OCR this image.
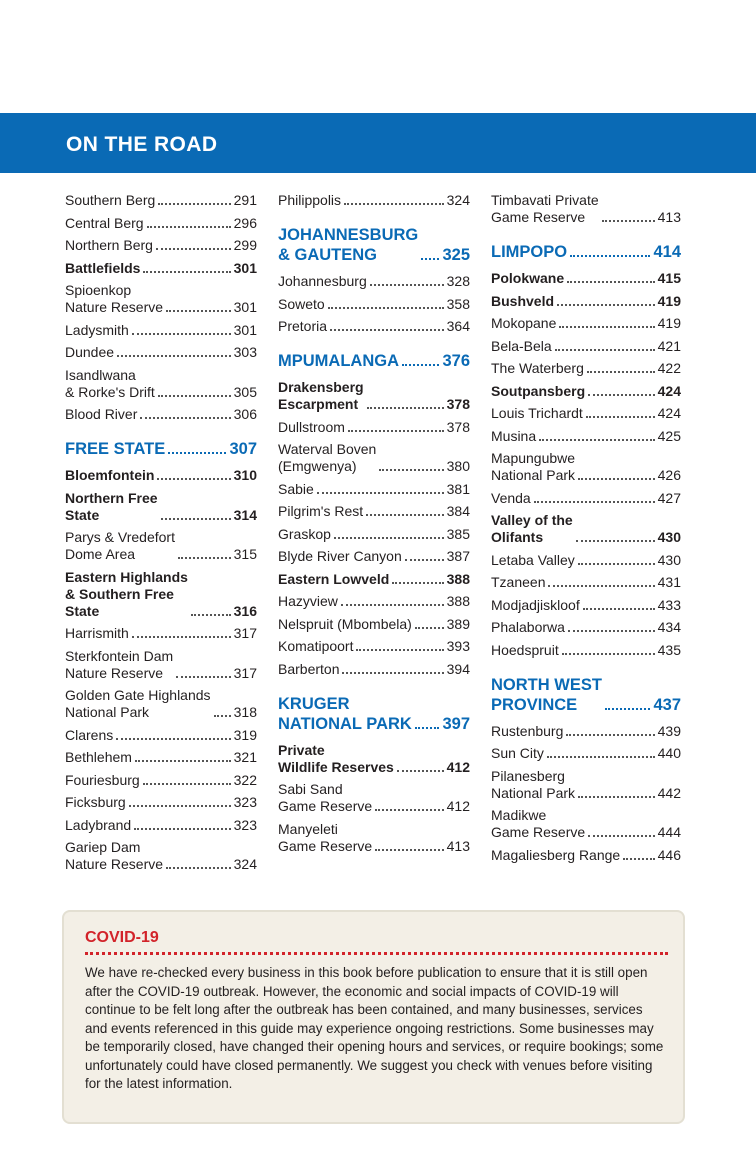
ON THE ROAD
Southern Berg	291
Central Berg	296
Northern Berg	299
Battlefields	301
Spioenkop
Nature Reserve	301
Ladysmith	301
Dundee	303
Isandlwana
& Rorke's Drift	305
Blood River	306
FREE STATE	307
Bloemfontein	310
Northern Free
State	314
Parys & Vredefort
Dome Area	315
Eastern Highlands
& Southern Free
State	316
Harrismith	317
Sterkfontein Dam
Nature Reserve	317
Golden Gate Highlands
National Park	318
Clarens	319
Bethlehem	321
Fouriesburg	322
Ficksburg	323
Ladybrand	323
Gariep Dam
Nature Reserve	324
Philippolis	324
JOHANNESBURG
& GAUTENG	325
Johannesburg	328
Soweto	358
Pretoria	364
MPUMALANGA	376
Drakensberg
Escarpment	378
Dullstroom	378
Waterval Boven
(Emgwenya)	380
Sabie	381
Pilgrim's Rest	384
Graskop	385
Blyde River Canyon	387
Eastern Lowveld	388
Hazyview	388
Nelspruit (Mbombela) 389
Komatipoort	393
Barberton	394
KRUGER
NATIONAL PARK 397
Private
Wildlife Reserves	412
Sabi Sand
Game Reserve	412
Manyeleti
Game Reserve	413
Timbavati Private
Game Reserve	413
LIMPOPO	414
Polokwane	415
Bushveld	419
Mokopane	419
Bela-Bela	421
The Waterberg	422
Soutpansberg	424
Louis Trichardt	424
Musina	425
Mapungubwe
National Park	426
Venda	427
Valley of the
Olifants	430
Letaba Valley	430
Tzaneen	431
Modjadjiskloof	433
Phalaborwa	434
Hoedspruit	435
NORTH WEST
PROVINCE	437
Rustenburg	439
Sun City	440
Pilanesberg
National Park	442
Madikwe
Game Reserve	444
Magaliesberg Range	446
COVID-19
We have re-checked every business in this book before publication to ensure that it is still open after the COVID-19 outbreak. However, the economic and social impacts of COVID-19 will continue to be felt long after the outbreak has been contained, and many businesses, services and events referenced in this guide may experience ongoing restrictions. Some businesses may be temporarily closed, have changed their opening hours and services, or require bookings; some unfortunately could have closed permanently. We suggest you check with venues before visiting for the latest information.
